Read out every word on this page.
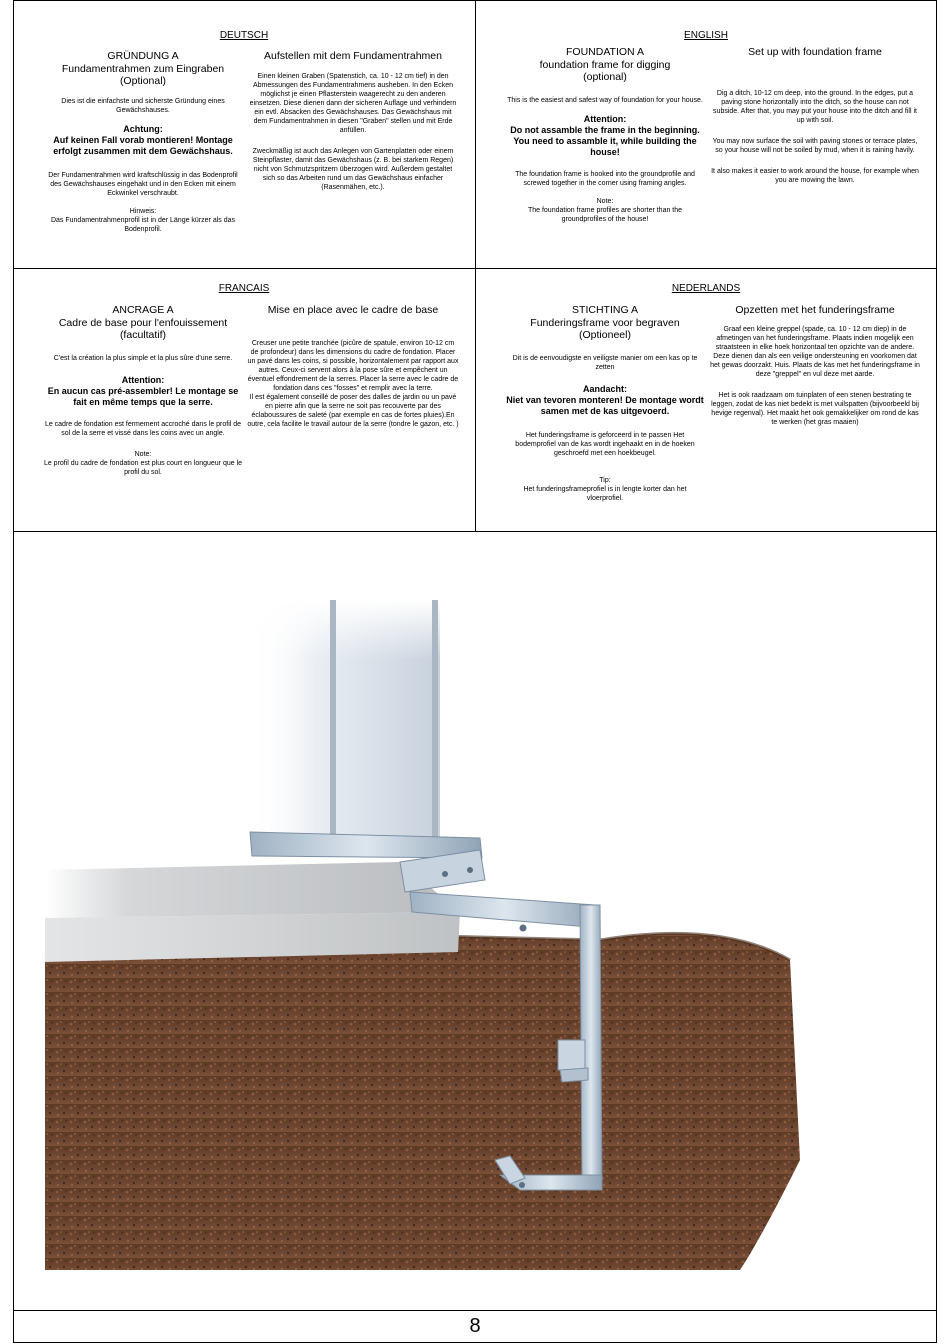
DEUTSCH

GRÜNDUNG A

Fundamentrahmen zum Eingraben

(Optional)

Dies ist die einfachste und sicherste Gründung eines Gewächshauses.

Achtung:

Auf keinen Fall vorab montieren! Montage erfolgt zusammen mit dem Gewächshaus.

Der Fundamentrahmen wird kraftschlüssig in das Bodenprofil des Gewächshauses eingehakt und in den Ecken mit einem Eckwinkel verschraubt.

Hinweis:

Das Fundamentrahmenprofil ist in der Länge kürzer als das Bodenprofil.

Aufstellen mit dem Fundamentrahmen

Einen kleinen Graben (Spatenstich, ca. 10 - 12 cm tief) in den Abmessungen des Fundamentrahmens ausheben. In den Ecken möglichst je einen Pflasterstein waagerecht zu den anderen einsetzen. Diese dienen dann der sicheren Auflage und verhindern ein evtl. Absacken des Gewächshauses. Das Gewächshaus mit dem Fundamentrahmen in diesen "Graben" stellen und mit Erde anfüllen.

Zweckmäßig ist auch das Anlegen von Gartenplatten oder einem Steinpflaster, damit das Gewächshaus (z. B. bei starkem Regen) nicht von Schmutzspritzern überzogen wird. Außerdem gestaltet sich so das Arbeiten rund um das Gewächshaus einfacher (Rasenmähen, etc.).

ENGLISH

FOUNDATION A

foundation frame for digging

(optional)

This is the easiest and safest way of foundation for your house.

Attention:

Do not assamble the frame in the beginning. You need to assamble it, while building the house!

The foundation frame is hooked into the groundprofile and screwed together in the corner using framing angles.

Note:

The foundation frame profiles are shorter than the groundprofiles of the house!

Set up with foundation frame

Dig a ditch, 10-12 cm deep, into the ground. In the edges, put a paving stone horizontally into the ditch, so the house can not subside. After that, you may put your house into the ditch and fill it up with soil.

You may now surface the soil with paving stones or terrace plates, so your house will not be soiled by mud, when it is raining havily.

It also makes it easier to work around the house, for example when you are mowing the lawn.

FRANCAIS

ANCRAGE A

Cadre de base pour l'enfouissement

(facultatif)

C'est la création la plus simple et la plus sûre d'une serre.

Attention:

En aucun cas pré-assembler! Le montage se fait en même temps que la serre.

Le cadre de fondation est fermement accroché dans le profil de sol de la serre et vissé dans les coins avec un angle.

Note:

Le profil du cadre de fondation est plus court en longueur que le profil du sol.

Mise en place avec le cadre de base

Creuser une petite tranchée (picûre de spatule, environ 10-12 cm de profondeur) dans les dimensions du cadre de fondation. Placer un pavé dans les coins, si possible, horizontalement par rapport aux autres. Ceux-ci servent alors à la pose sûre et empêchent un éventuel effondrement de la serres. Placer la serre avec le cadre de fondation dans ces "fosses" et remplir avec la terre.

Il est également conseillé de poser des dalles de jardin ou un pavé en pierre afin que la serre ne soit pas recouverte par des éclaboussures de saleté (par exemple en cas de fortes pluies).En outre, cela facilite le travail autour de la serre (tondre le gazon, etc. )

NEDERLANDS

STICHTING A

Funderingsframe voor begraven

(Optioneel)

Dit is de eenvoudigste en veiligste manier om een kas op te zetten

Aandacht:

Niet van tevoren monteren! De montage wordt samen met de kas uitgevoerd.

Het funderingsframe is geforceerd in te passen Het bodemprofiel van de kas wordt ingehaakt en in de hoeken geschroefd met een hoekbeugel.

Tip:

Het funderingsframeprofiel is in lengte korter dan het vloerprofiel.

Opzetten met het funderingsframe

Graaf een kleine greppel (spade, ca. 10 - 12 cm diep) in de afmetingen van het funderingsframe. Plaats indien mogelijk een straatsteen in elke hoek horizontaal ten opzichte van de andere. Deze dienen dan als een veilige ondersteuning en voorkomen dat het gewas doorzakt. Huis. Plaats de kas met het funderingsframe in deze "greppel" en vul deze met aarde.

Het is ook raadzaam om tuinplaten of een stenen bestrating te leggen, zodat de kas niet bedekt is met vuilspatten (bijvoorbeeld bij hevige regenval). Het maakt het ook gemakkelijker om rond de kas te werken (het gras maaien)

8
